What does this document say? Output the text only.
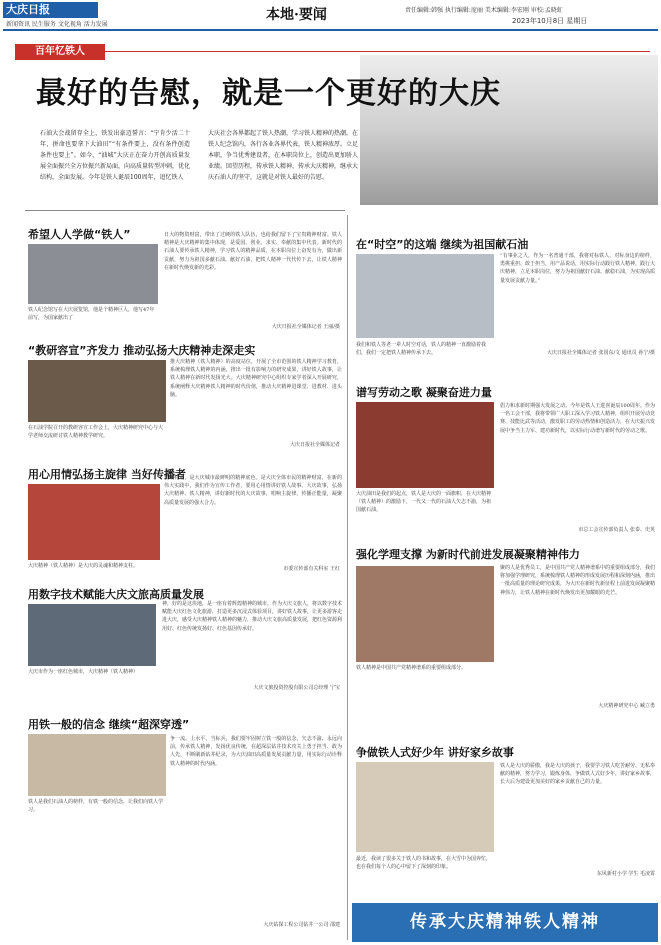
大庆日报
新闻资讯 民生服务 文化视角 活力发展
本地·要闻	责任编辑:韩强 执行编辑:庞丽 美术编辑:李宏刚 审校:孟晓虹
2023年10月8日 星期日
百年忆铁人
最好的告慰，就是一个更好的大庆
石油大会战留存全上，铁发出豪迈誓言：“宁肯少活二十年，拼命也要拿下大油田”“有条件要上，没有条件创造条件也要上”。如今，“油城”大庆正在奋力开创高质量发展全面振兴全方位振兴新局面，向高质量转型冲刺，优化结构，全面发展。今年是铁人诞辰100周年，追忆铁人
大庆社会各界都起了铁人热潮，学习铁人精神的热潮。在铁人纪念馆内，各行各业各界代表，铁人精神浓厚。立足本职，争当优秀建设者，在本职岗位上，创造出更加骄人业绩。回望历程，传承铁人精神，传承大庆精神，继承大庆石油人的坚守，这就是对铁人最好的告慰。
希望人人学做“铁人”
铁人纪念馆写在大庆展览馆，他是个精神巨人，他写47年前写，为国家献出了
日大的物资财富，带出了过硬的铁人队伍，也给我们留下了宝贵精神财富。铁人精神是大庆精神的集中体现，是爱国、创业、求实、奉献的集中代表。新时代的石油人要传承铁人精神，学习铁人的精神品质，在本职岗位上奋发有为，做出新贡献，努力为祖国多献石油、献好石油，把铁人精神一代代传下去，让铁人精神在新时代焕发新的光彩。
大庆日报社全媒体记者 王丽/摄
“教研容宣”齐发力 推动弘扬大庆精神走深走实
在石油学院召开的教研容宣工作会上，大庆精神研究中心与大学老师交流研讨铁人精神教学研究。
推大庆精神（铁人精神）的高度站位，开展了全市范围的铁人精神学习教育，系统梳理铁人精神的内涵，推出一批有影响力的研究成果，讲好铁人故事，让铁人精神在新时代发扬光大。大庆精神研究中心组织专家学者深入开展研究，系统阐释大庆精神铁人精神的时代价值，推动大庆精神进课堂、进教材、进头脑。
大庆日报社全媒体记者
用心用情弘扬主旋律 当好传播者
大庆精神（铁人精神）是大庆的灵魂和精神支柱。
果编特别，是大庆城市最鲜明的精神底色。是大庆全体市民的精神财富，在新的伟大实践中，我们作为宣传工作者，要用心用情讲好铁人故事、大庆故事，弘扬大庆精神、铁人精神，讲好新时代的大庆故事，唱响主旋律，传播正能量，凝聚高质量发展的强大合力。
市委宣传部有关科室 王红
用数字技术赋能大庆文旅高质量发展
大庆市作为一座红色城市，大庆精神（铁人精神）
神，好的是这块地，是一座有着辉煌精神的城市。作为大庆文旅人，将以数字技术赋能大庆红色文化旅游，打造更多沉浸式体验项目，讲好铁人故事，让更多游客走进大庆，感受大庆精神铁人精神的魅力，推动大庆文旅高质量发展，把红色资源利用好、红色传统发扬好、红色基因传承好。
大庆文旅投资控股有限公司总经理 宁宝
用铁一般的信念 继续“超深穿透”
铁人是我们石油人的榜样，有铁一般的信念，让我们向铁人学习。
争一流、上水平、当标兵，我们要牢固树立铁一般的信念，矢志不渝、永远向前，传承铁人精神，发扬优良传统，在超深层钻井技术攻关上勇于担当、敢为人先，不断刷新钻井纪录，为大庆油田高质量发展贡献力量，用实际行动诠释铁人精神的时代内涵。
大庆钻探工程公司钻井一公司 邵建
在“时空”的这端 继续为祖国献石油
我们和铁人等老一辈人时空对话，铁人的精神一直激励着我们，我们一定把铁人精神传承下去。
“有事业之人，作为一名普通干部，我将对标铁人，对标身边的榜样，勇挑重担、敢于担当，用产品说话，用实际行动践行铁人精神，践行大庆精神，立足本职岗位，努力为祖国献好石油、献稳石油，为实现高质量发展贡献力量。”
大庆日报社全媒体记者 张国东/文 通讯员 孙宁/摄
谱写劳动之歌 凝聚奋进力量
大庆油田是我们的起点，铁人是大庆的一面旗帜，在大庆精神（铁人精神）的激励下，一代又一代的石油人矢志不渝，为祖国献石油。
倡力和求新时期强大发展之动。今年是铁人王进喜诞辰100周年。作为一名工会干部，我将带领广大职工深入学习铁人精神，组织开展劳动竞赛、技能比武等活动，激发职工的劳动热情和创造活力，在大庆振兴发展中争当主力军、建功新时代，以实际行动谱写新时代的劳动之歌。
市总工会宣传部负责人 张泰、史英
强化学理支撑 为新时代前进发展凝聚精神伟力
铁人精神是中国共产党精神谱系的重要组成部分。
聚的人是优秀员工，是中国共产党人精神谱系中的重要组成部分，我们将加强学理研究，系统梳理铁人精神的形成发展历程和深刻内涵，推出一批高质量的理论研究成果，为大庆在新时代新征程上前进发展凝聚精神伟力，让铁人精神在新时代焕发出更加耀眼的光芒。
大庆精神研究中心 臧立勇
争做铁人式好少年 讲好家乡故事
最近，我读了很多关于铁人的书和故事，在大雪中为国奔忙，也在我们每个人的心中留下了深刻的印象。
铁人是大庆的骄傲，我是大庆的孩子，我要学习铁人吃苦耐劳、无私奉献的精神，努力学习，锻炼身体，争做铁人式好少年，讲好家乡故事，长大后为建设更加美好的家乡贡献自己的力量。
东风新村小学 学生 毛凌霄
传承大庆精神铁人精神
